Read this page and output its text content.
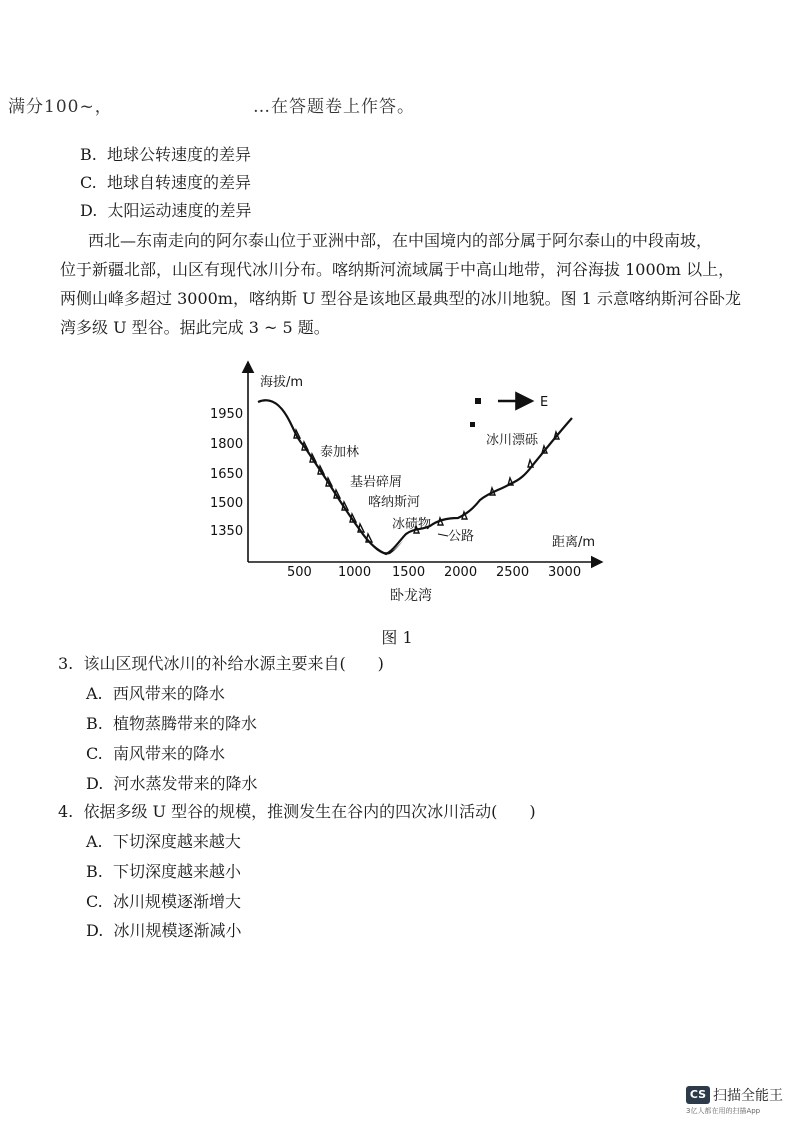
满分100~，	…在答题卷上作答。
B. 地球公转速度的差异
C. 地球自转速度的差异
D. 太阳运动速度的差异

西北—东南走向的阿尔泰山位于亚洲中部，在中国境内的部分属于阿尔泰山的中段南坡，

位于新疆北部，山区有现代冰川分布。喀纳斯河流域属于中高山地带，河谷海拔 1000m 以上，

两侧山峰多超过 3000m，喀纳斯 U 型谷是该地区最典型的冰川地貌。图 1 示意喀纳斯河谷卧龙

湾多级 U 型谷。据此完成 3 ~ 5 题。

海拔/m
距离/m
1950
1800
1650
1500
1350
500 1000 1500 2000 2500 3000
E
泰加林
基岩碎屑
喀纳斯河
冰碛物
公路
冰川漂砾
卧龙湾
图 1
3. 该山区现代冰川的补给水源主要来自(　　)
A. 西风带来的降水
B. 植物蒸腾带来的降水
C. 南风带来的降水
D. 河水蒸发带来的降水
4. 依据多级 U 型谷的规模，推测发生在谷内的四次冰川活动(　　)
A. 下切深度越来越大
B. 下切深度越来越小
C. 冰川规模逐渐增大
D. 冰川规模逐渐减小
CS 扫描全能王
3亿人都在用的扫描App
